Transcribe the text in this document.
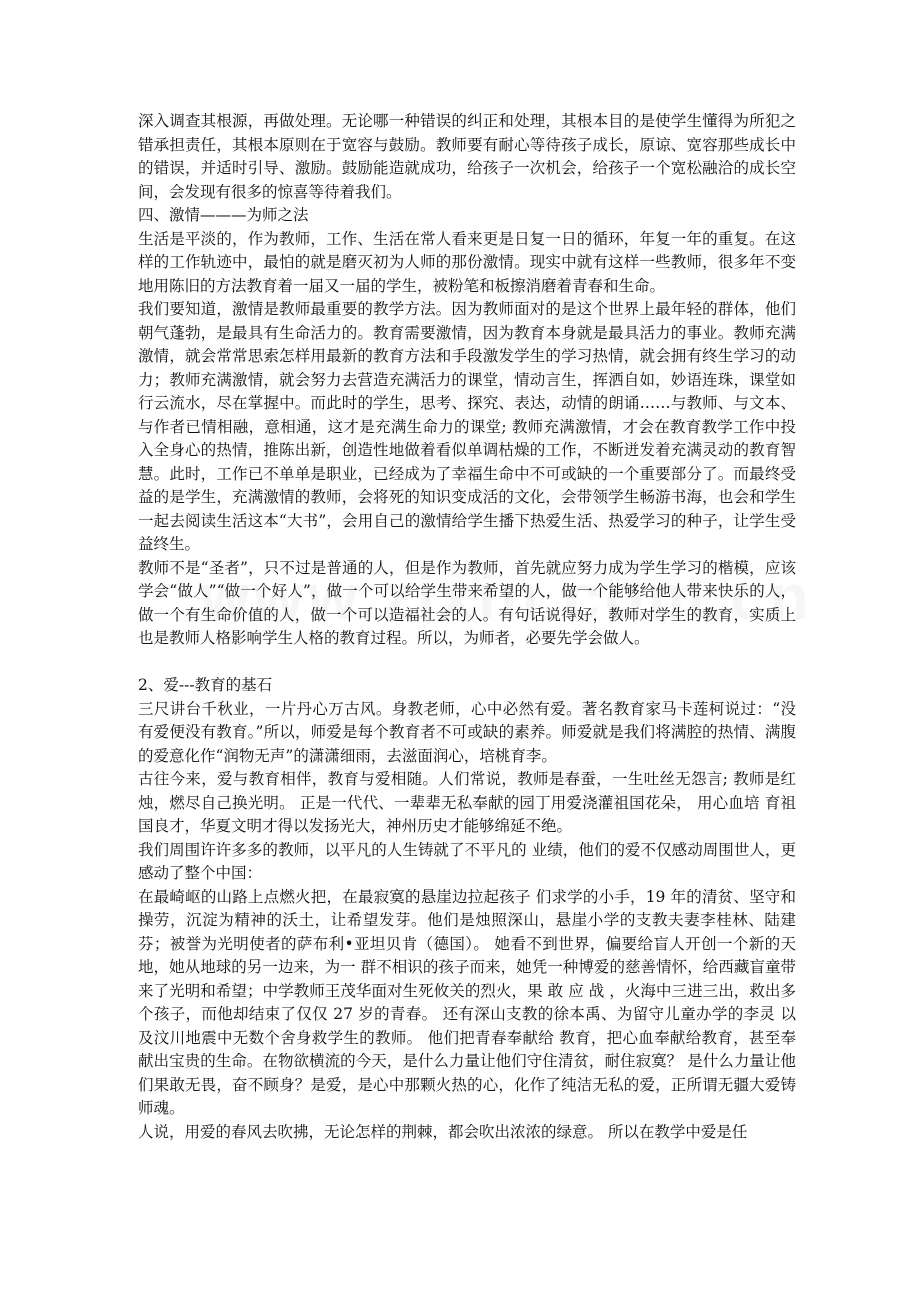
深入调查其根源，再做处理。无论哪一种错误的纠正和处理，其根本目的是使学生懂得为所犯之错承担责任，其根本原则在于宽容与鼓励。教师要有耐心等待孩子成长，原谅、宽容那些成长中的错误，并适时引导、激励。鼓励能造就成功，给孩子一次机会，给孩子一个宽松融洽的成长空间，会发现有很多的惊喜等待着我们。

四、激情———为师之法

生活是平淡的，作为教师，工作、生活在常人看来更是日复一日的循环，年复一年的重复。在这样的工作轨迹中，最怕的就是磨灭初为人师的那份激情。现实中就有这样一些教师，很多年不变地用陈旧的方法教育着一届又一届的学生，被粉笔和板擦消磨着青春和生命。

我们要知道，激情是教师最重要的教学方法。因为教师面对的是这个世界上最年轻的群体，他们朝气蓬勃，是最具有生命活力的。教育需要激情，因为教育本身就是最具活力的事业。教师充满激情，就会常常思索怎样用最新的教育方法和手段激发学生的学习热情，就会拥有终生学习的动力；教师充满激情，就会努力去营造充满活力的课堂，情动言生，挥洒自如，妙语连珠，课堂如行云流水，尽在掌握中。而此时的学生，思考、探究、表达，动情的朗诵……与教师、与文本、与作者已情相融，意相通，这才是充满生命力的课堂; 教师充满激情，才会在教育教学工作中投入全身心的热情，推陈出新，创造性地做着看似单调枯燥的工作，不断迸发着充满灵动的教育智慧。此时，工作已不单单是职业，已经成为了幸福生命中不可或缺的一个重要部分了。而最终受益的是学生，充满激情的教师，会将死的知识变成活的文化，会带领学生畅游书海，也会和学生一起去阅读生活这本“大书”，会用自己的激情给学生播下热爱生活、热爱学习的种子，让学生受益终生。

教师不是“圣者”，只不过是普通的人，但是作为教师，首先就应努力成为学生学习的楷模，应该学会“做人”“做一个好人”，做一个可以给学生带来希望的人，做一个能够给他人带来快乐的人，做一个有生命价值的人，做一个可以造福社会的人。有句话说得好，教师对学生的教育，实质上也是教师人格影响学生人格的教育过程。所以，为师者，必要先学会做人。

2、爱---教育的基石

三尺讲台千秋业，一片丹心万古风。身教老师，心中必然有爱。著名教育家马卡莲柯说过：“没有爱便没有教育。”所以，师爱是每个教育者不可或缺的素养。师爱就是我们将满腔的热情、满腹的爱意化作“润物无声”的潇潇细雨，去滋面润心，培桃育李。

古往今来，爱与教育相伴，教育与爱相随。人们常说，教师是春蚕，一生吐丝无怨言; 教师是红烛，燃尽自己换光明。 正是一代代、一辈辈无私奉献的园丁用爱浇灌祖国花朵， 用心血培 育祖国良才，华夏文明才得以发扬光大，神州历史才能够绵延不绝。

我们周围许许多多的教师，以平凡的人生铸就了不平凡的 业绩，他们的爱不仅感动周围世人，更感动了整个中国：

在最崎岖的山路上点燃火把，在最寂寞的悬崖边拉起孩子 们求学的小手，19 年的清贫、坚守和操劳，沉淀为精神的沃土，让希望发芽。他们是烛照深山，悬崖小学的支教夫妻李桂林、陆建芬；被誉为光明使者的萨布利•亚坦贝肯（德国）。 她看不到世界，偏要给盲人开创一个新的天地，她从地球的另一边来，为一 群不相识的孩子而来，她凭一种博爱的慈善情怀，给西藏盲童带来了光明和希望；中学教师王茂华面对生死攸关的烈火，果 敢 应 战 ，火海中三进三出，救出多个孩子，而他却结束了仅仅 27 岁的青春。 还有深山支教的徐本禹、为留守儿童办学的李灵 以及汶川地震中无数个舍身救学生的教师。 他们把青春奉献给 教育，把心血奉献给教育，甚至奉献出宝贵的生命。在物欲横流的今天，是什么力量让他们守住清贫，耐住寂寞？ 是什么力量让他们果敢无畏，奋不顾身？是爱，是心中那颗火热的心，化作了纯洁无私的爱，正所谓无疆大爱铸师魂。

人说，用爱的春风去吹拂，无论怎样的荆棘，都会吹出浓浓的绿意。 所以在教学中爱是任
